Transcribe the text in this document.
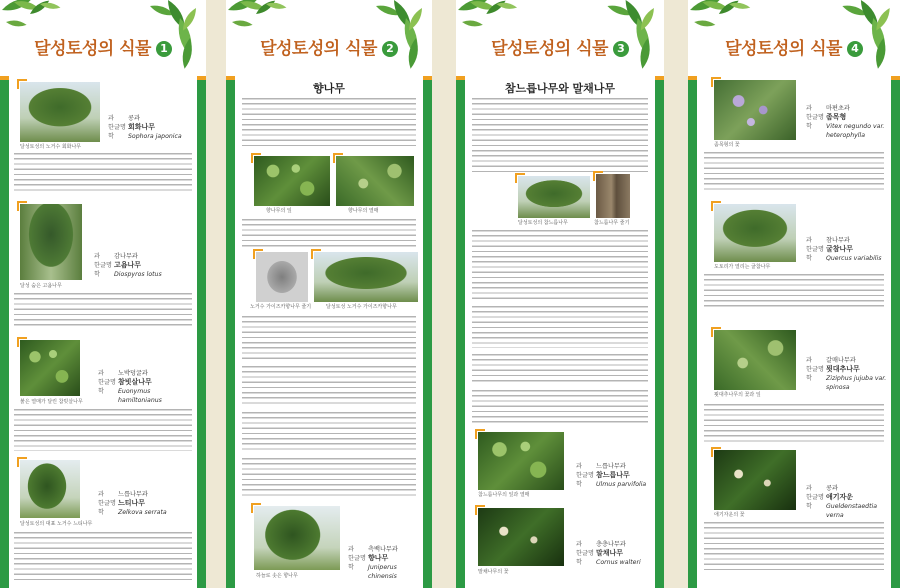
달성토성의 식물 1
달성토성의 노거수 회화나무
과	콩과
한글명 회화나무
학	Sophora japonica
달성 숨은 고욤나무
과	감나무과
한글명 고욤나무
학	Diospyros lotus
붉은 열매가 달린 참빗살나무
과	노박덩굴과
한글명 참빗살나무
학	Euonymus hamiltonianus
달성토성의 대표 노거수 느티나무
과	느릅나무과
한글명 느티나무
학	Zelkova serrata
달성토성의 식물 2
향나무
향나무의 잎	향나무의 열매
노거수 가이즈카향나무 줄기	달성토성 노거수 가이즈카향나무
하늘로 솟은 향나무
과	측백나무과
한글명 향나무
학	Juniperus chinensis
달성토성의 식물 3
참느릅나무와 말채나무
달성토성의 참느릅나무	참느릅나무 줄기
참느릅나무의 잎과 열매
과	느릅나무과
한글명 참느릅나무
학	Ulmus parvifolia
말채나무의 꽃
과	층층나무과
한글명 말채나무
학	Cornus walteri
달성토성의 식물 4
좀목형의 꽃
과	마편초과
한글명 좀목형
학	Vitex negundo var. heterophylla
도토리가 열리는 굴참나무
과	참나무과
한글명 굴참나무
학	Quercus variabilis
묏대추나무의 꽃과 잎
과	갈매나무과
한글명 묏대추나무
학	Ziziphus jujuba var. spinosa
애기자운의 꽃
과	콩과
한글명 애기자운
학	Gueldenstaedtia verna
